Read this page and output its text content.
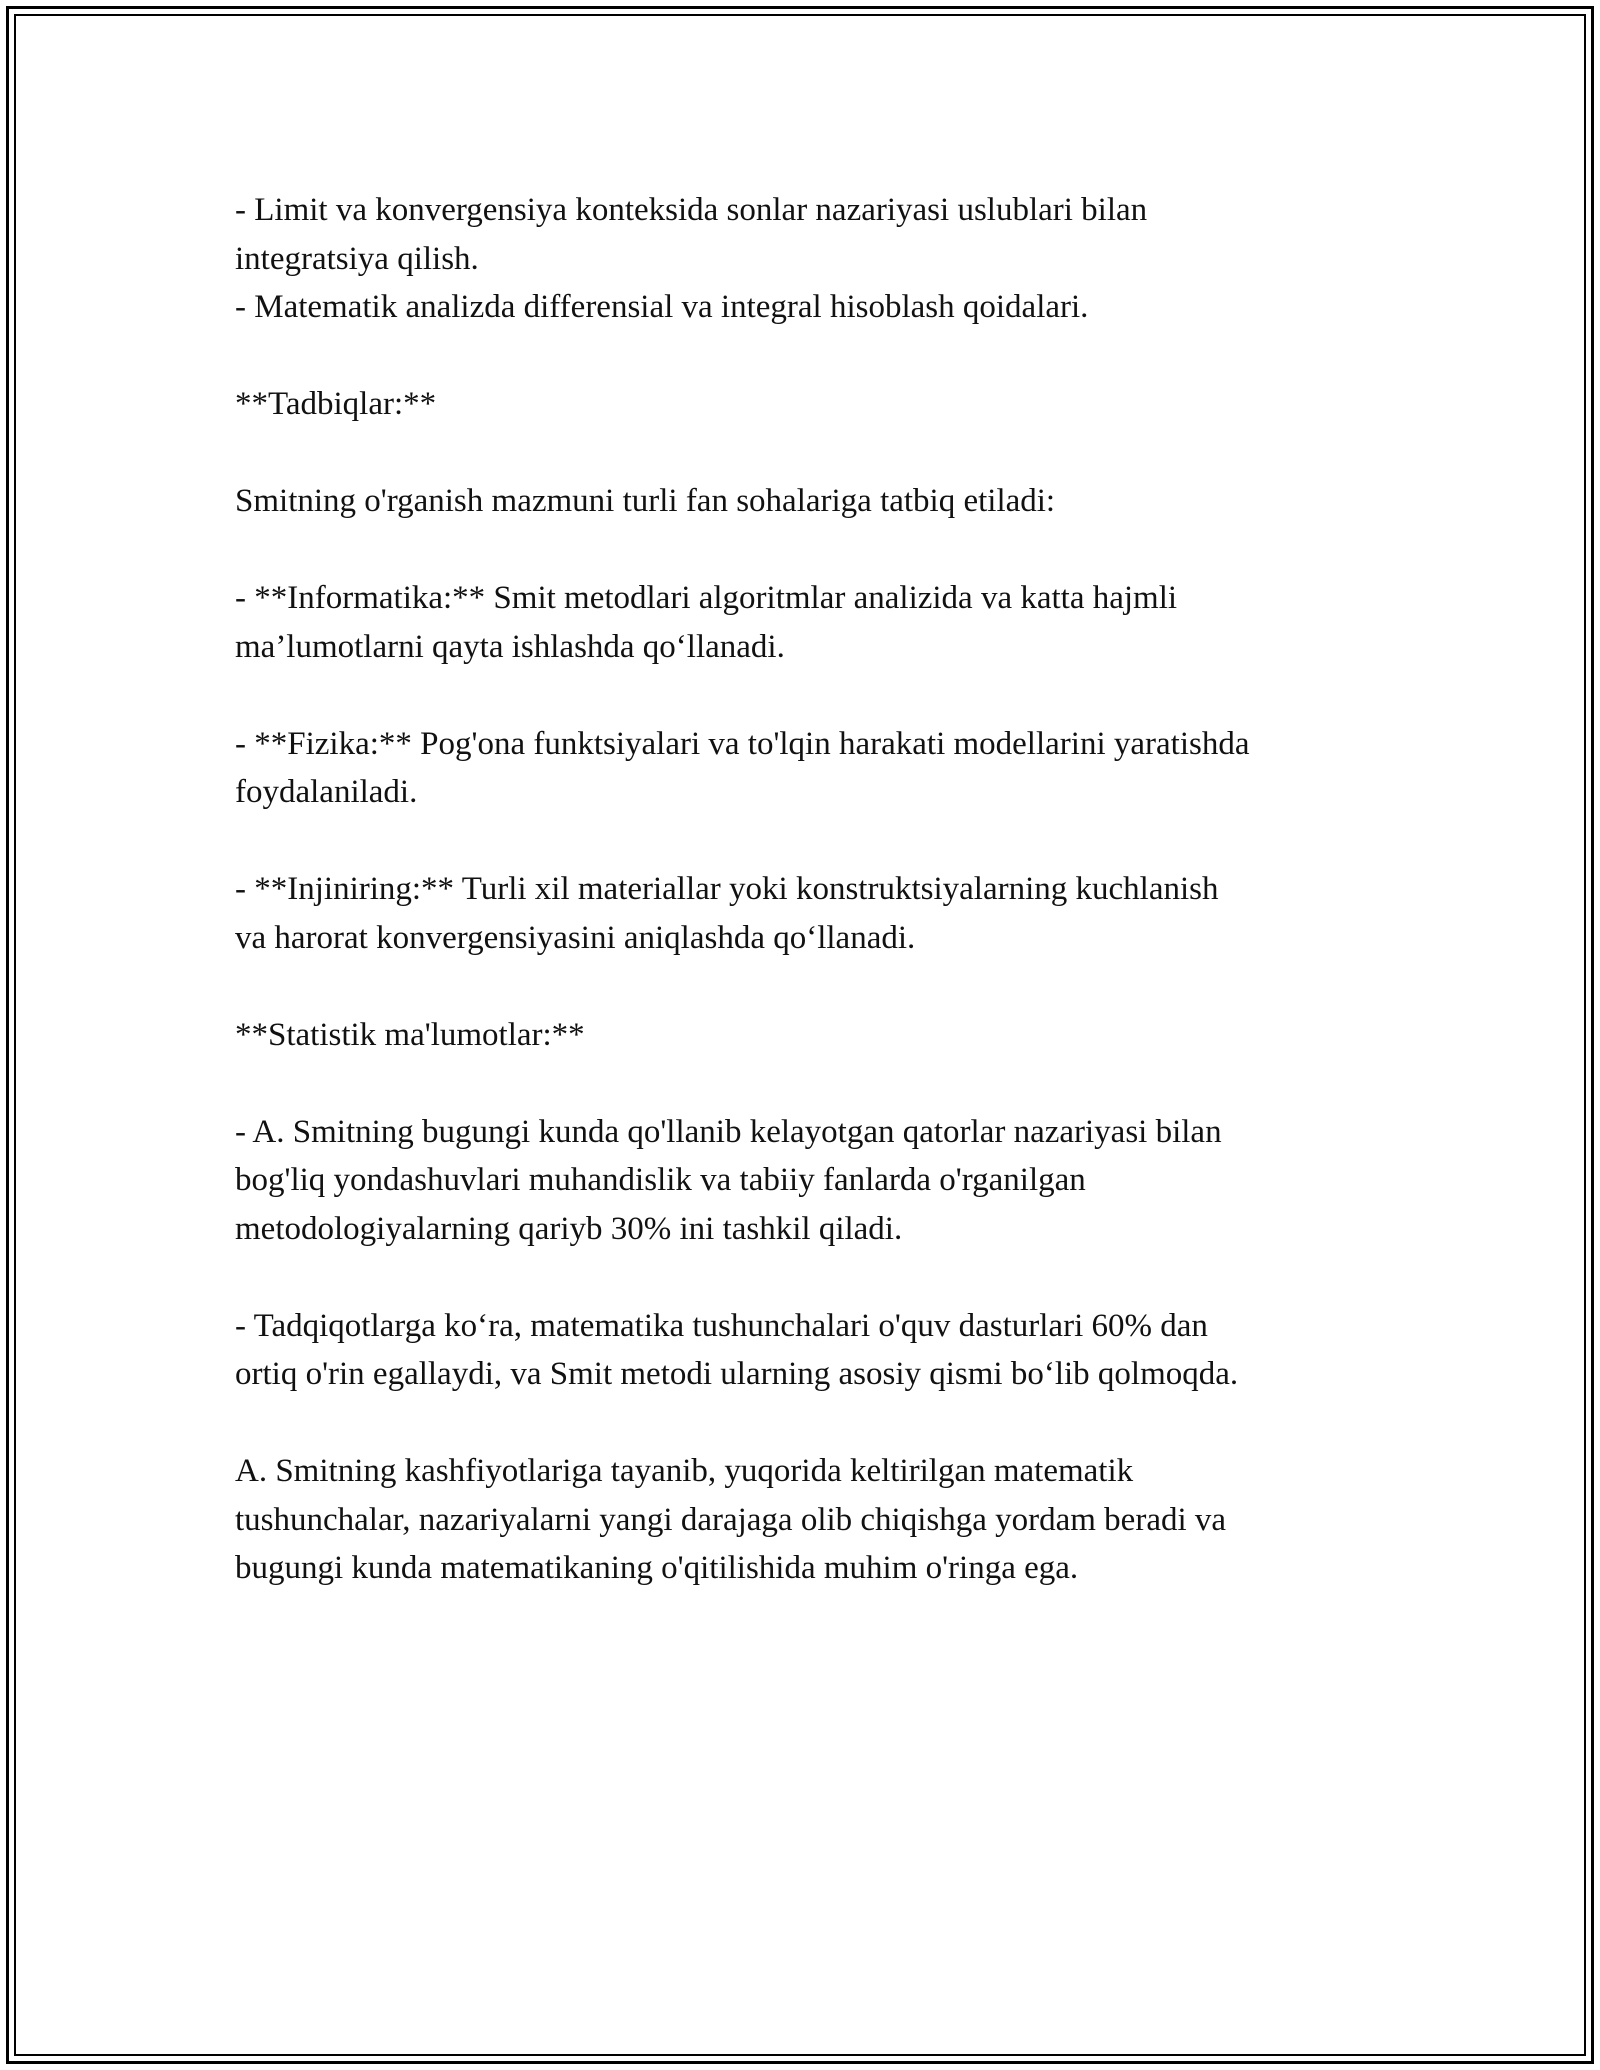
- Limit va konvergensiya konteksida sonlar nazariyasi uslublari bilan
integratsiya qilish.
- Matematik analizda differensial va integral hisoblash qoidalari.
**Tadbiqlar:**
Smitning o'rganish mazmuni turli fan sohalariga tatbiq etiladi:
- **Informatika:** Smit metodlari algoritmlar analizida va katta hajmli
ma’lumotlarni qayta ishlashda qo‘llanadi.
- **Fizika:** Pog'ona funktsiyalari va to'lqin harakati modellarini yaratishda
foydalaniladi.
- **Injiniring:** Turli xil materiallar yoki konstruktsiyalarning kuchlanish
va harorat konvergensiyasini aniqlashda qo‘llanadi.
**Statistik ma'lumotlar:**
- A. Smitning bugungi kunda qo'llanib kelayotgan qatorlar nazariyasi bilan
bog'liq yondashuvlari muhandislik va tabiiy fanlarda o'rganilgan
metodologiyalarning qariyb 30% ini tashkil qiladi.
- Tadqiqotlarga ko‘ra, matematika tushunchalari o'quv dasturlari 60% dan
ortiq o'rin egallaydi, va Smit metodi ularning asosiy qismi bo‘lib qolmoqda.
A. Smitning kashfiyotlariga tayanib, yuqorida keltirilgan matematik
tushunchalar, nazariyalarni yangi darajaga olib chiqishga yordam beradi va
bugungi kunda matematikaning o'qitilishida muhim o'ringa ega.
